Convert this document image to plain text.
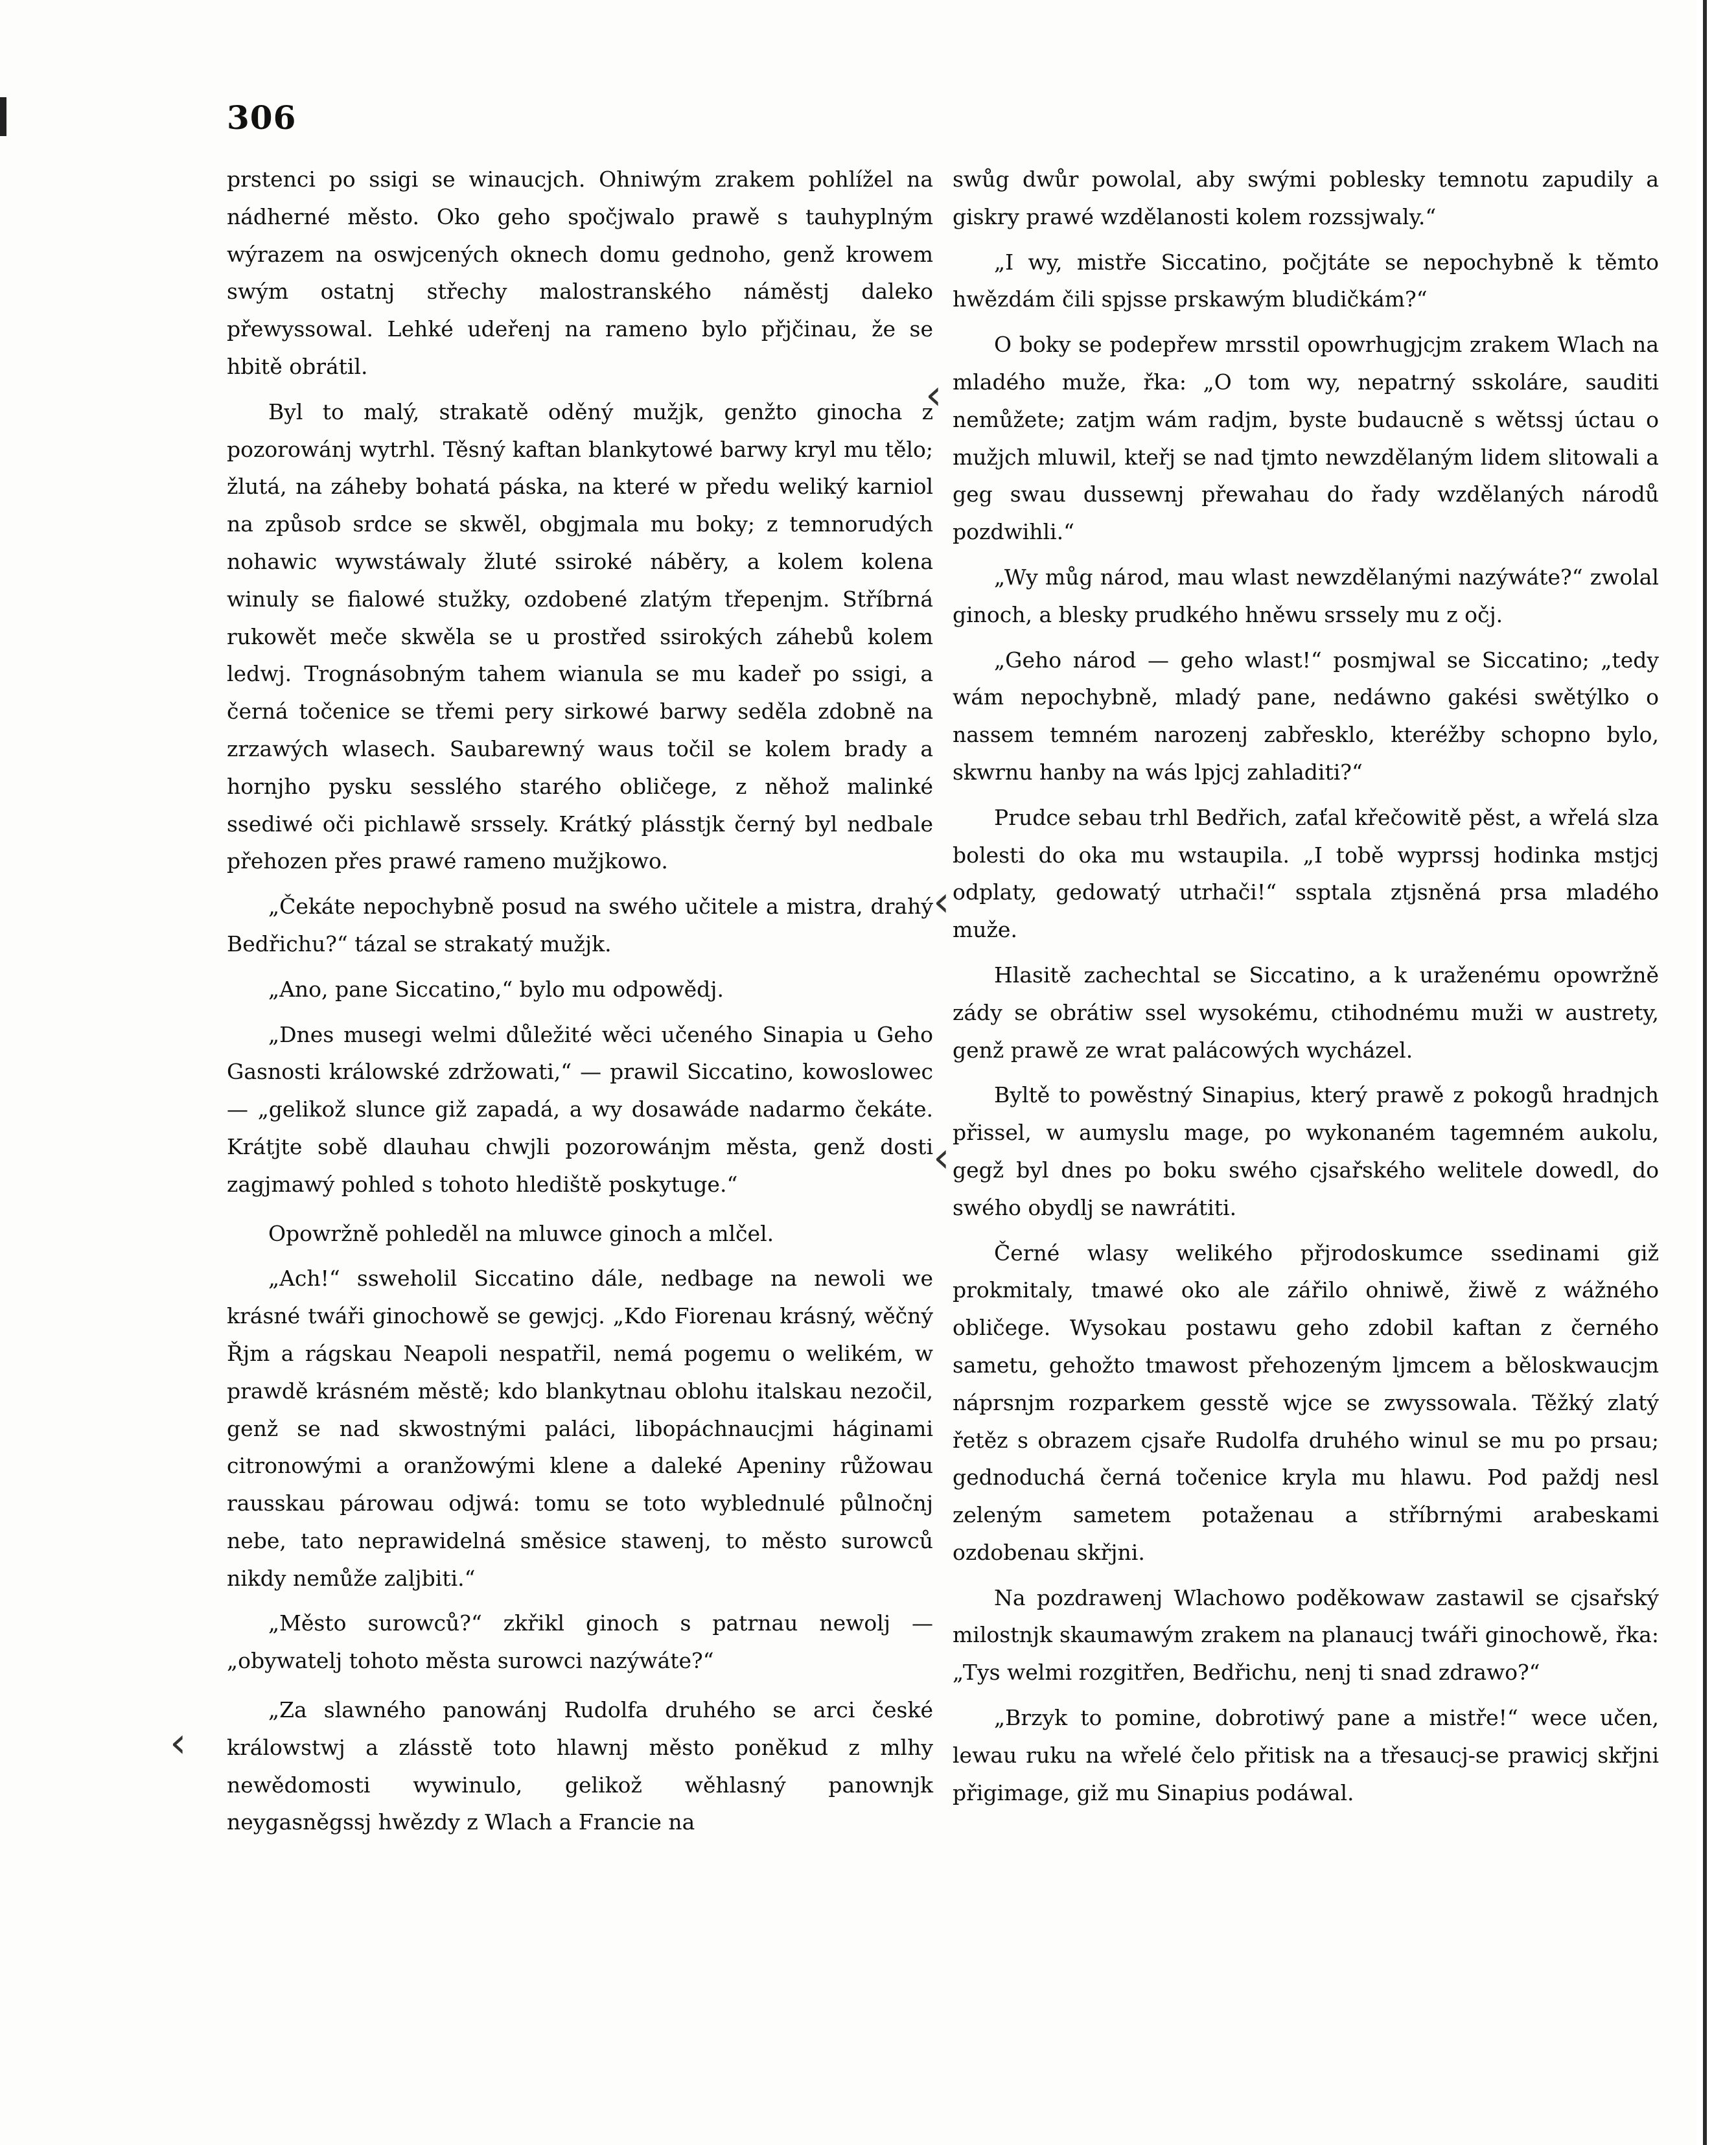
306

prstenci po ssigi se winaucjch. Ohniwým zrakem pohlížel na nádherné město. Oko geho spočjwalo prawě s tauhyplným wýrazem na oswjcených oknech domu gednoho, genž krowem swým ostatnj střechy malostranského náměstj daleko přewyssowal. Lehké udeřenj na rameno bylo přjčinau, že se hbitě obrátil.

Byl to malý, strakatě oděný mužjk, genžto ginocha z pozorowánj wytrhl. Těsný kaftan blankytowé barwy kryl mu tělo; žlutá, na záheby bohatá páska, na které w předu weliký karniol na způsob srdce se skwěl, obgjmala mu boky; z temnorudých nohawic wywstáwaly žluté ssiroké náběry, a kolem kolena winuly se fialowé stužky, ozdobené zlatým třepenjm. Stříbrná rukowět meče skwěla se u prostřed ssirokých záhebů kolem ledwj. Trognásobným tahem wianula se mu kadeř po ssigi, a černá točenice se třemi pery sirkowé barwy seděla zdobně na zrzawých wlasech. Saubarewný waus točil se kolem brady a hornjho pysku sesslého starého obličege, z něhož malinké ssediwé oči pichlawě srssely. Krátký plásstjk černý byl nedbale přehozen přes prawé rameno mužjkowo.

„Čekáte nepochybně posud na swého učitele a mistra, drahý Bedřichu?“ tázal se strakatý mužjk.

„Ano, pane Siccatino,“ bylo mu odpowědj.

„Dnes musegi welmi důležité wěci učeného Sinapia u Geho Gasnosti králowské zdržowati,“ — prawil Siccatino, kowoslowec — „gelikož slunce giž zapadá, a wy dosawáde nadarmo čekáte. Krátjte sobě dlauhau chwjli pozorowánjm města, genž dosti zagjmawý pohled s tohoto hlediště poskytuge.“

Opowržně pohleděl na mluwce ginoch a mlčel.

„Ach!“ ssweholil Siccatino dále, nedbage na newoli we krásné twáři ginochowě se gewjcj. „Kdo Fiorenau krásný, wěčný Řjm a rágskau Neapoli nespatřil, nemá pogemu o welikém, w prawdě krásném městě; kdo blankytnau oblohu italskau nezočil, genž se nad skwostnými paláci, libopáchnaucjmi háginami citronowými a oranžowými klene a daleké Apeniny růžowau rausskau párowau odjwá: tomu se toto wyblednulé půlnočnj nebe, tato neprawidelná směsice stawenj, to město surowců nikdy nemůže zaljbiti.“

„Město surowců?“ zkřikl ginoch s patrnau newolj — „obywatelj tohoto města surowci nazýwáte?“

„Za slawného panowánj Rudolfa druhého se arci české králowstwj a zlásstě toto hlawnj město poněkud z mlhy newědomosti wywinulo, gelikož wěhlasný panownjk neygasněgssj hwězdy z Wlach a Francie na

swůg dwůr powolal, aby swými poblesky temnotu zapudily a giskry prawé wzdělanosti kolem rozssjwaly.“

„I wy, mistře Siccatino, počjtáte se nepochybně k těmto hwězdám čili spjsse prskawým bludičkám?“

O boky se podepřew mrsstil opowrhugjcjm zrakem Wlach na mladého muže, řka: „O tom wy, nepatrný sskoláre, sauditi nemůžete; zatjm wám radjm, byste budaucně s wětssj úctau o mužjch mluwil, kteřj se nad tjmto newzdělaným lidem slitowali a geg swau dussewnj přewahau do řady wzdělaných národů pozdwihli.“

„Wy můg národ, mau wlast newzdělanými nazýwáte?“ zwolal ginoch, a blesky prudkého hněwu srssely mu z očj.

„Geho národ — geho wlast!“ posmjwal se Siccatino; „tedy wám nepochybně, mladý pane, nedáwno gakési swětýlko o nassem temném narozenj zabřesklo, kteréžby schopno bylo, skwrnu hanby na wás lpjcj zahladiti?“

Prudce sebau trhl Bedřich, zaťal křečowitě pěst, a wřelá slza bolesti do oka mu wstaupila. „I tobě wyprssj hodinka mstjcj odplaty, gedowatý utrhači!“ ssptala ztjsněná prsa mladého muže.

Hlasitě zachechtal se Siccatino, a k uraženému opowržně zády se obrátiw ssel wysokému, ctihodnému muži w austrety, genž prawě ze wrat palácowých wycházel.

Byltě to powěstný Sinapius, který prawě z pokogů hradnjch přissel, w aumyslu mage, po wykonaném tagemném aukolu, gegž byl dnes po boku swého cjsařského welitele dowedl, do swého obydlj se nawrátiti.

Černé wlasy welikého přjrodoskumce ssedinami giž prokmitaly, tmawé oko ale zářilo ohniwě, žiwě z wážného obličege. Wysokau postawu geho zdobil kaftan z černého sametu, gehožto tmawost přehozeným ljmcem a běloskwaucjm náprsnjm rozparkem gesstě wjce se zwyssowala. Těžký zlatý řetěz s obrazem cjsaře Rudolfa druhého winul se mu po prsau; gednoduchá černá točenice kryla mu hlawu. Pod paždj nesl zeleným sametem potaženau a stříbrnými arabeskami ozdobenau skřjni.

Na pozdrawenj Wlachowo poděkowaw zastawil se cjsařský milostnjk skaumawým zrakem na planaucj twáři ginochowě, řka: „Tys welmi rozgitřen, Bedřichu, nenj ti snad zdrawo?“

„Brzyk to pomine, dobrotiwý pane a mistře!“ wece učen, lewau ruku na wřelé čelo přitisk na a třesaucj-se prawicj skřjni přigimage, giž mu Sinapius podáwal.

‹
‹
‹
‹
